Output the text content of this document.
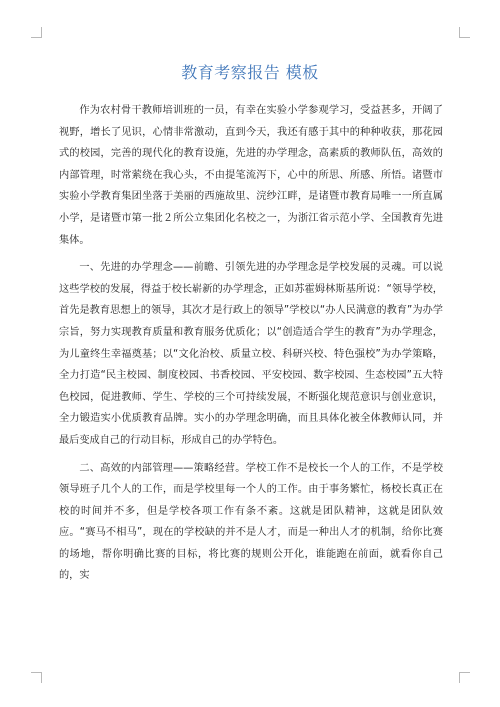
教育考察报告 模板

作为农村骨干教师培训班的一员，有幸在实验小学参观学习，受益甚多，开阔了视野，增长了见识，心情非常激动，直到今天，我还有感于其中的种种收获，那花园式的校园，完善的现代化的教育设施，先进的办学理念，高素质的教师队伍，高效的内部管理，时常萦绕在我心头，不由提笔流泻下，心中的所思、所感、所悟。诸暨市实验小学教育集团坐落于美丽的西施故里、浣纱江畔，是诸暨市教育局唯一一所直属小学，是诸暨市第一批２所公立集团化名校之一，为浙江省示范小学、全国教育先进集体。

一、先进的办学理念——前瞻、引领先进的办学理念是学校发展的灵魂。可以说这些学校的发展，得益于校长崭新的办学理念，正如苏霍姆林斯基所说：“领导学校，首先是教育思想上的领导，其次才是行政上的领导”学校以“办人民满意的教育”为办学宗旨，努力实现教育质量和教育服务优质化；以“创造适合学生的教育”为办学理念，为儿童终生幸福奠基；以“文化治校、质量立校、科研兴校、特色强校”为办学策略，全力打造“民主校园、制度校园、书香校园、平安校园、数字校园、生态校园”五大特色校园，促进教师、学生、学校的三个可持续发展，不断强化规范意识与创业意识，全力锻造实小优质教育品牌。实小的办学理念明确，而且具体化被全体教师认同，并最后变成自己的行动目标，形成自己的办学特色。

二、高效的内部管理——策略经营。学校工作不是校长一个人的工作，不是学校领导班子几个人的工作，而是学校里每一个人的工作。由于事务繁忙，杨校长真正在校的时间并不多，但是学校各项工作有条不紊。这就是团队精神，这就是团队效应。“赛马不相马”，现在的学校缺的并不是人才，而是一种出人才的机制，给你比赛的场地，帮你明确比赛的目标，将比赛的规则公开化，谁能跑在前面，就看你自己的，实
